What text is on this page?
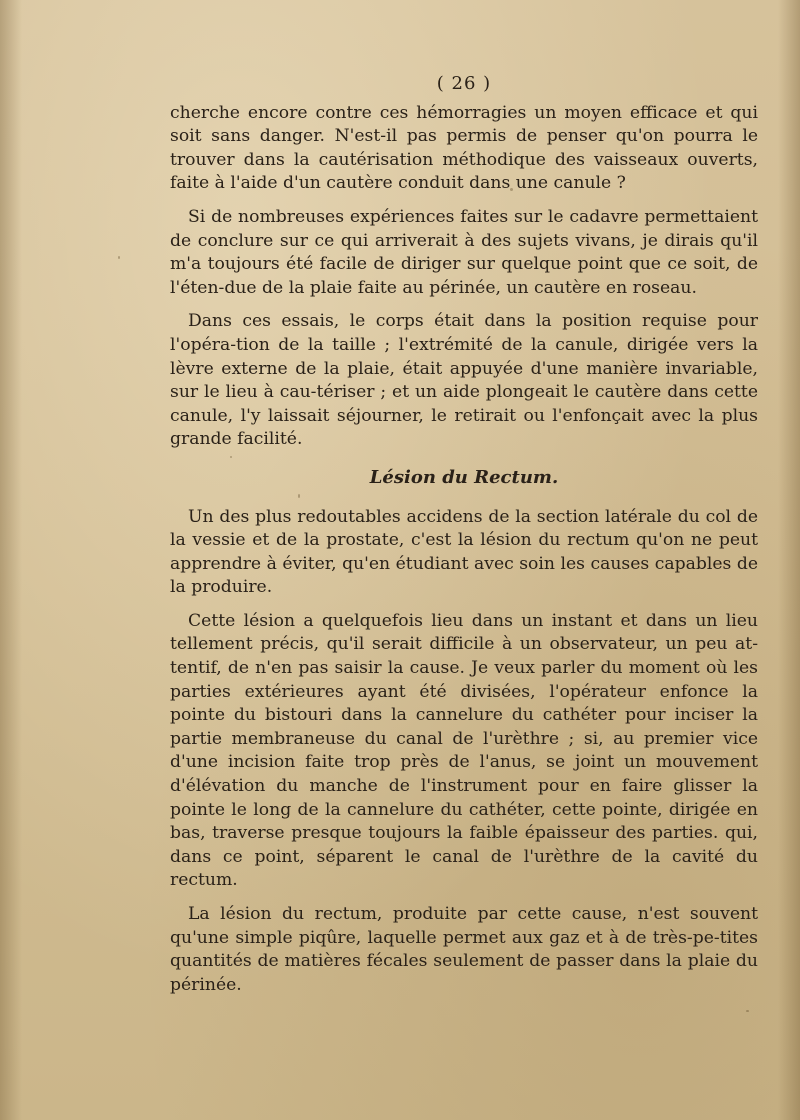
( 26 )

cherche encore contre ces hémorragies un moyen efficace et qui soit sans danger. N'est-il pas permis de penser qu'on pourra le trouver dans la cautérisation méthodique des vaisseaux ouverts, faite à l'aide d'un cautère conduit dans une canule ?

Si de nombreuses expériences faites sur le cadavre permettaient de conclure sur ce qui arriverait à des sujets vivans, je dirais qu'il m'a toujours été facile de diriger sur quelque point que ce soit, de l'éten-due de la plaie faite au périnée, un cautère en roseau.

Dans ces essais, le corps était dans la position requise pour l'opéra-tion de la taille ; l'extrémité de la canule, dirigée vers la lèvre externe de la plaie, était appuyée d'une manière invariable, sur le lieu à cau-tériser ; et un aide plongeait le cautère dans cette canule, l'y laissait séjourner, le retirait ou l'enfonçait avec la plus grande facilité.

Lésion du Rectum.

Un des plus redoutables accidens de la section latérale du col de la vessie et de la prostate, c'est la lésion du rectum qu'on ne peut apprendre à éviter, qu'en étudiant avec soin les causes capables de la produire.

Cette lésion a quelquefois lieu dans un instant et dans un lieu tellement précis, qu'il serait difficile à un observateur, un peu at-tentif, de n'en pas saisir la cause. Je veux parler du moment où les parties extérieures ayant été divisées, l'opérateur enfonce la pointe du bistouri dans la cannelure du cathéter pour inciser la partie membraneuse du canal de l'urèthre ; si, au premier vice d'une incision faite trop près de l'anus, se joint un mouvement d'élévation du manche de l'instrument pour en faire glisser la pointe le long de la cannelure du cathéter, cette pointe, dirigée en bas, traverse presque toujours la faible épaisseur des parties. qui, dans ce point, séparent le canal de l'urèthre de la cavité du rectum.

La lésion du rectum, produite par cette cause, n'est souvent qu'une simple piqûre, laquelle permet aux gaz et à de très-pe-tites quantités de matières fécales seulement de passer dans la plaie du périnée.
